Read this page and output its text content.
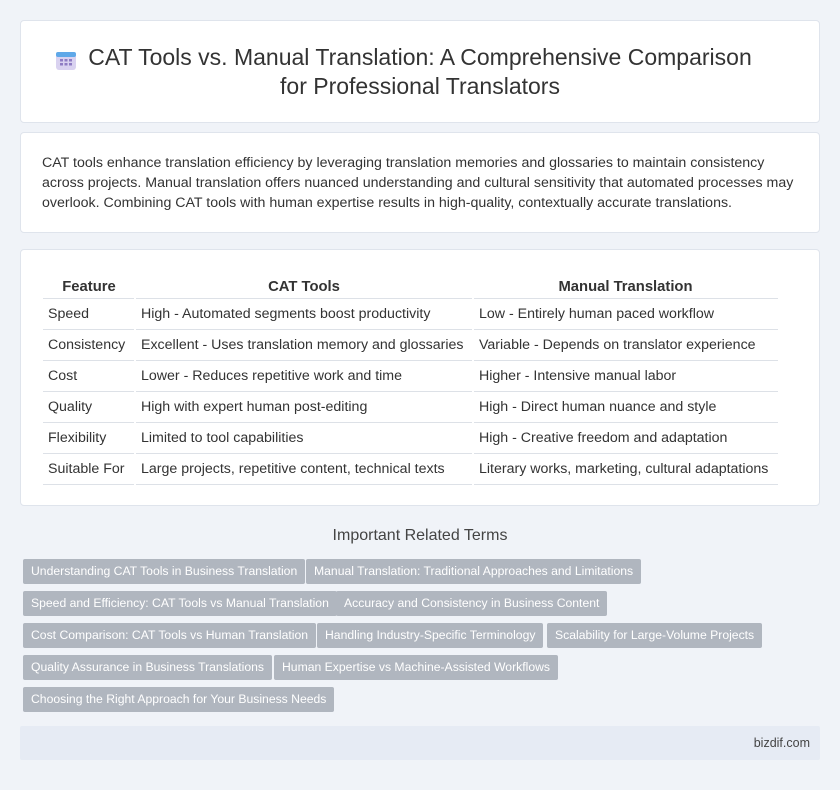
CAT Tools vs. Manual Translation: A Comprehensive Comparison
for Professional Translators

CAT tools enhance translation efficiency by leveraging translation memories and glossaries to maintain consistency across projects. Manual translation offers nuanced understanding and cultural sensitivity that automated processes may overlook. Combining CAT tools with human expertise results in high-quality, contextually accurate translations.

Feature	CAT Tools	Manual Translation
Speed	High - Automated segments boost productivity	Low - Entirely human paced workflow
Consistency	Excellent - Uses translation memory and glossaries	Variable - Depends on translator experience
Cost	Lower - Reduces repetitive work and time	Higher - Intensive manual labor
Quality	High with expert human post-editing	High - Direct human nuance and style
Flexibility	Limited to tool capabilities	High - Creative freedom and adaptation
Suitable For	Large projects, repetitive content, technical texts	Literary works, marketing, cultural adaptations
Important Related Terms
Understanding CAT Tools in Business Translation	Manual Translation: Traditional Approaches and Limitations
Speed and Efficiency: CAT Tools vs Manual Translation	Accuracy and Consistency in Business Content
Cost Comparison: CAT Tools vs Human Translation	Handling Industry-Specific Terminology	Scalability for Large-Volume Projects
Quality Assurance in Business Translations	Human Expertise vs Machine-Assisted Workflows
Choosing the Right Approach for Your Business Needs
bizdif.com
